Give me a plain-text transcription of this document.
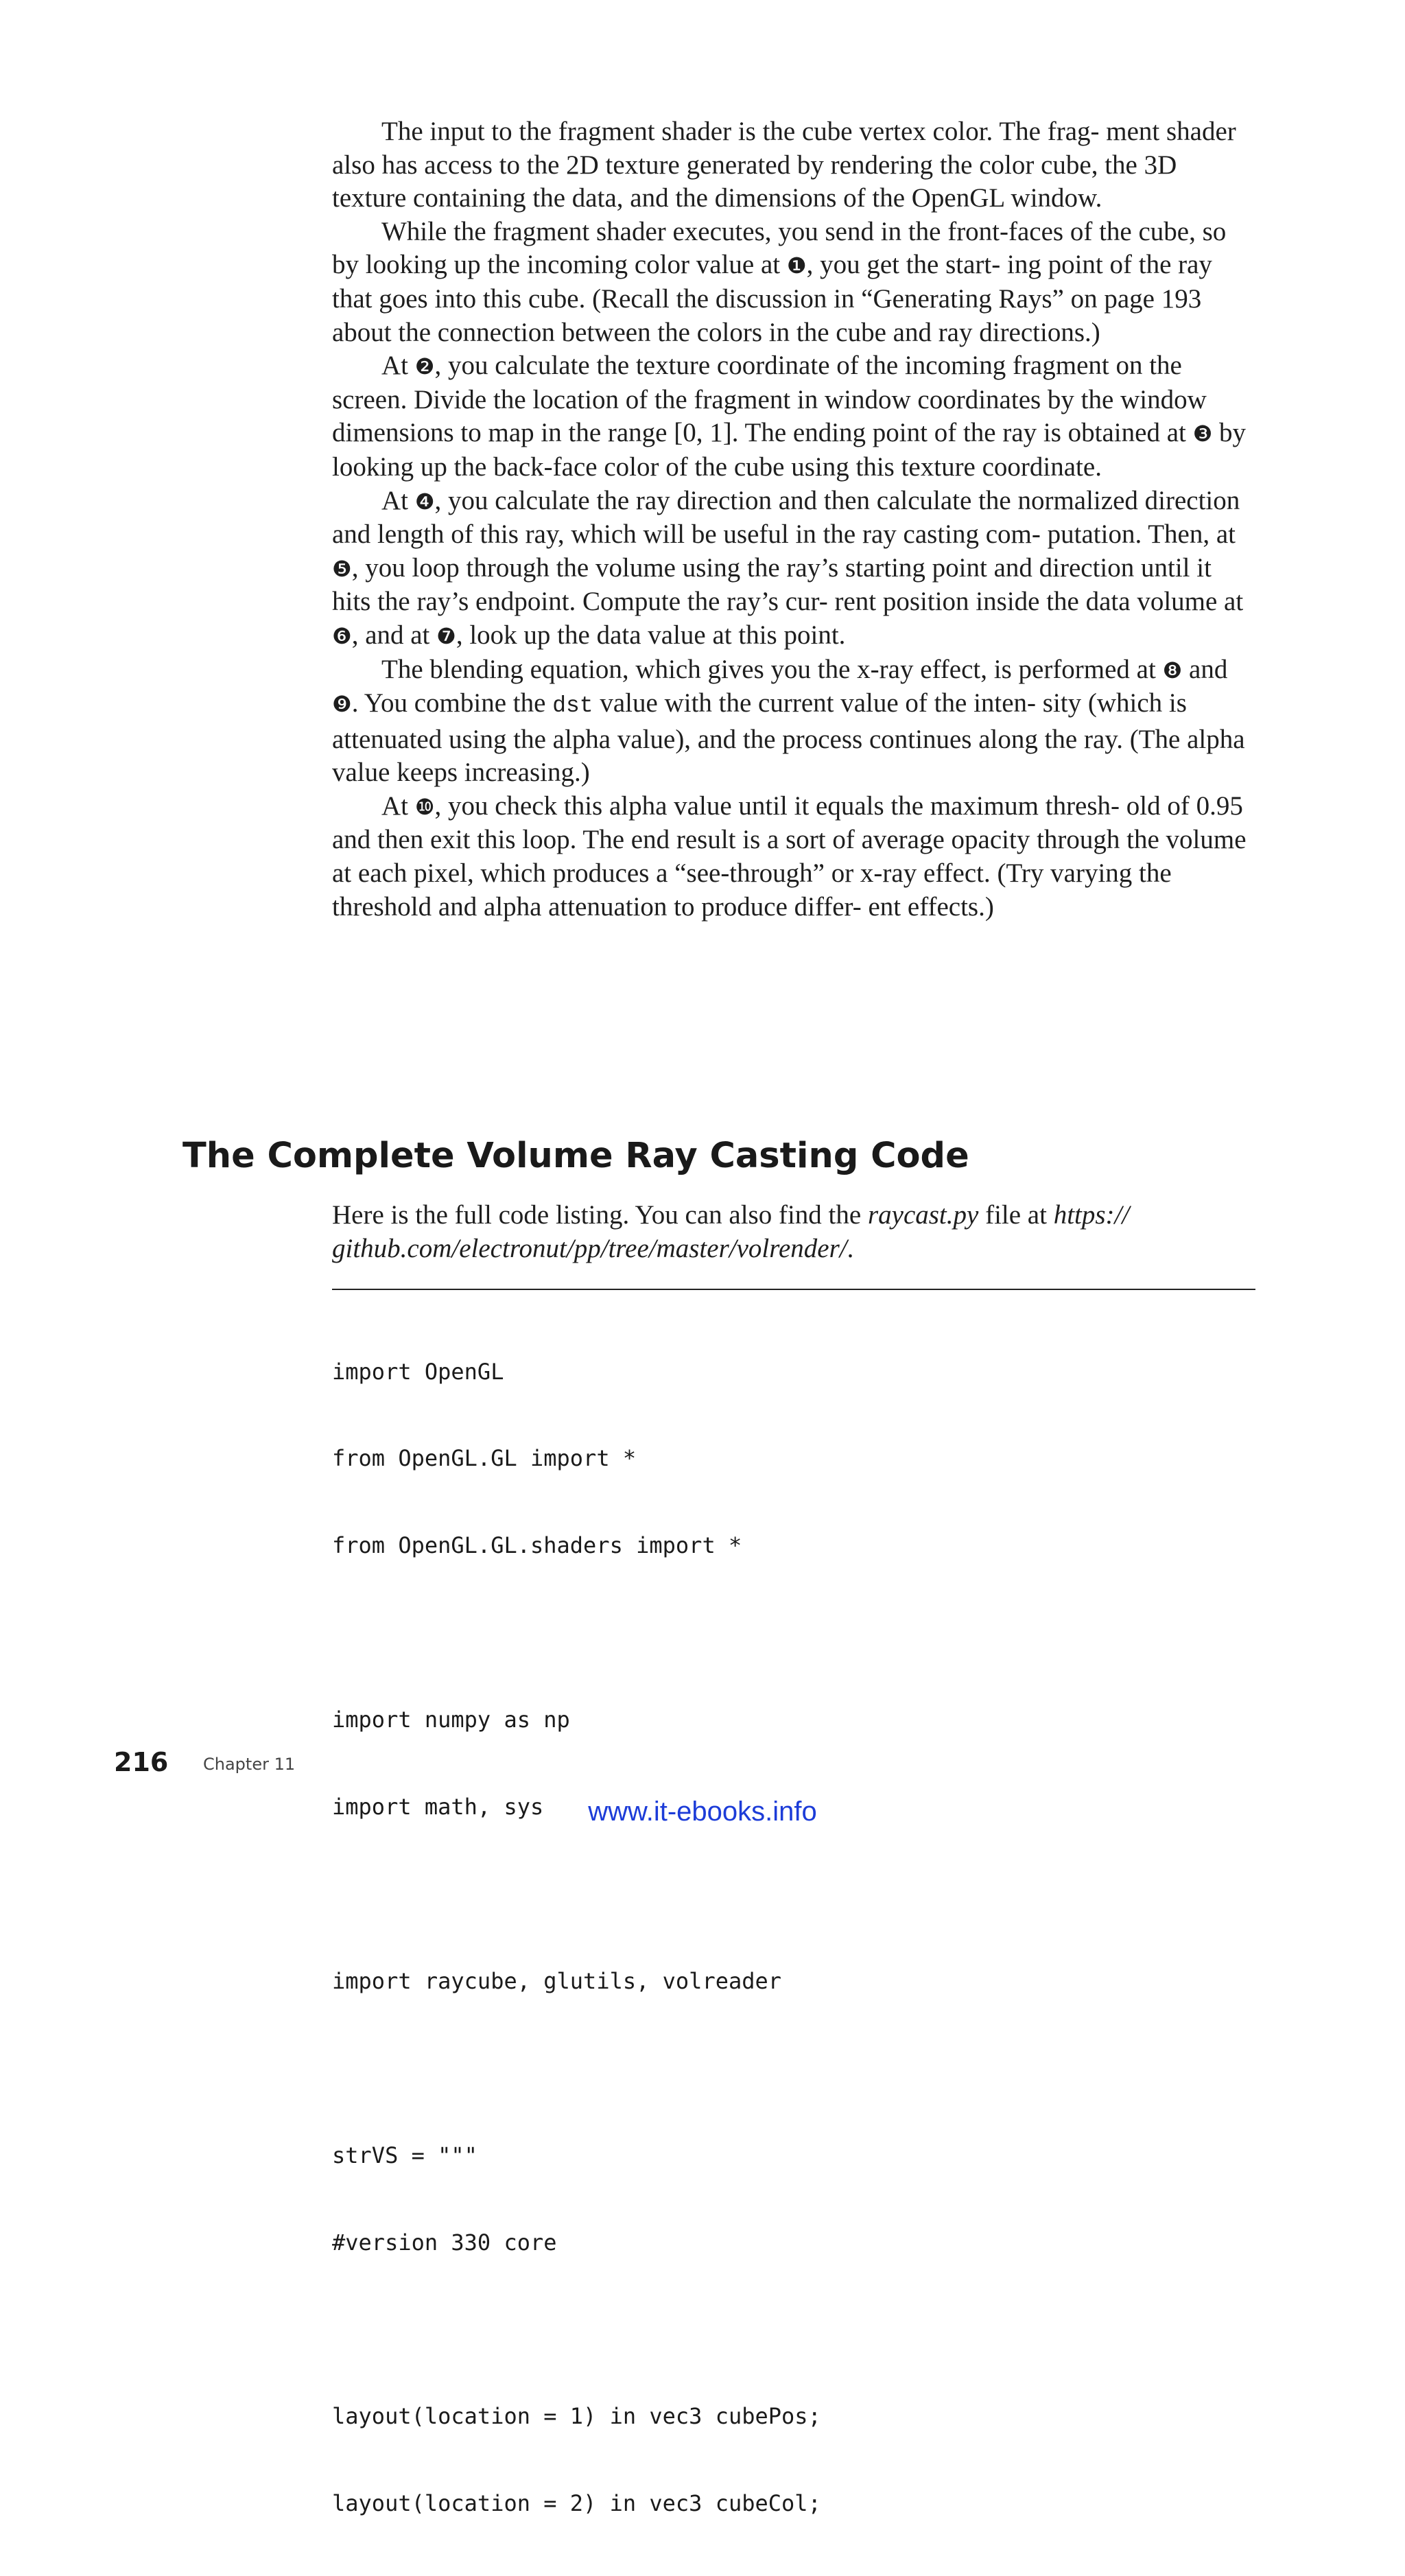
The input to the fragment shader is the cube vertex color. The frag- ment shader also has access to the 2D texture generated by rendering the color cube, the 3D texture containing the data, and the dimensions of the OpenGL window.

While the fragment shader executes, you send in the front-faces of the cube, so by looking up the incoming color value at ❶, you get the start- ing point of the ray that goes into this cube. (Recall the discussion in “Generating Rays” on page 193 about the connection between the colors in the cube and ray directions.)

At ❷, you calculate the texture coordinate of the incoming fragment on the screen. Divide the location of the fragment in window coordinates by the window dimensions to map in the range [0, 1]. The ending point of the ray is obtained at ❸ by looking up the back-face color of the cube using this texture coordinate.

At ❹, you calculate the ray direction and then calculate the normalized direction and length of this ray, which will be useful in the ray casting com- putation. Then, at ❺, you loop through the volume using the ray’s starting point and direction until it hits the ray’s endpoint. Compute the ray’s cur- rent position inside the data volume at ❻, and at ❼, look up the data value at this point.

The blending equation, which gives you the x-ray effect, is performed at ❽ and ❾. You combine the dst value with the current value of the inten- sity (which is attenuated using the alpha value), and the process continues along the ray. (The alpha value keeps increasing.)

At ❿, you check this alpha value until it equals the maximum thresh- old of 0.95 and then exit this loop. The end result is a sort of average opacity through the volume at each pixel, which produces a “see-through” or x-ray effect. (Try varying the threshold and alpha attenuation to produce differ- ent effects.)

The Complete Volume Ray Casting Code

Here is the full code listing. You can also find the raycast.py file at https:// github.com/electronut/pp/tree/master/volrender/.

import OpenGL

from OpenGL.GL import *

from OpenGL.GL.shaders import *

import numpy as np

import math, sys

import raycube, glutils, volreader

strVS = """

#version 330 core

layout(location = 1) in vec3 cubePos;

layout(location = 2) in vec3 cubeCol;

216 Chapter 11
www.it-ebooks.info
